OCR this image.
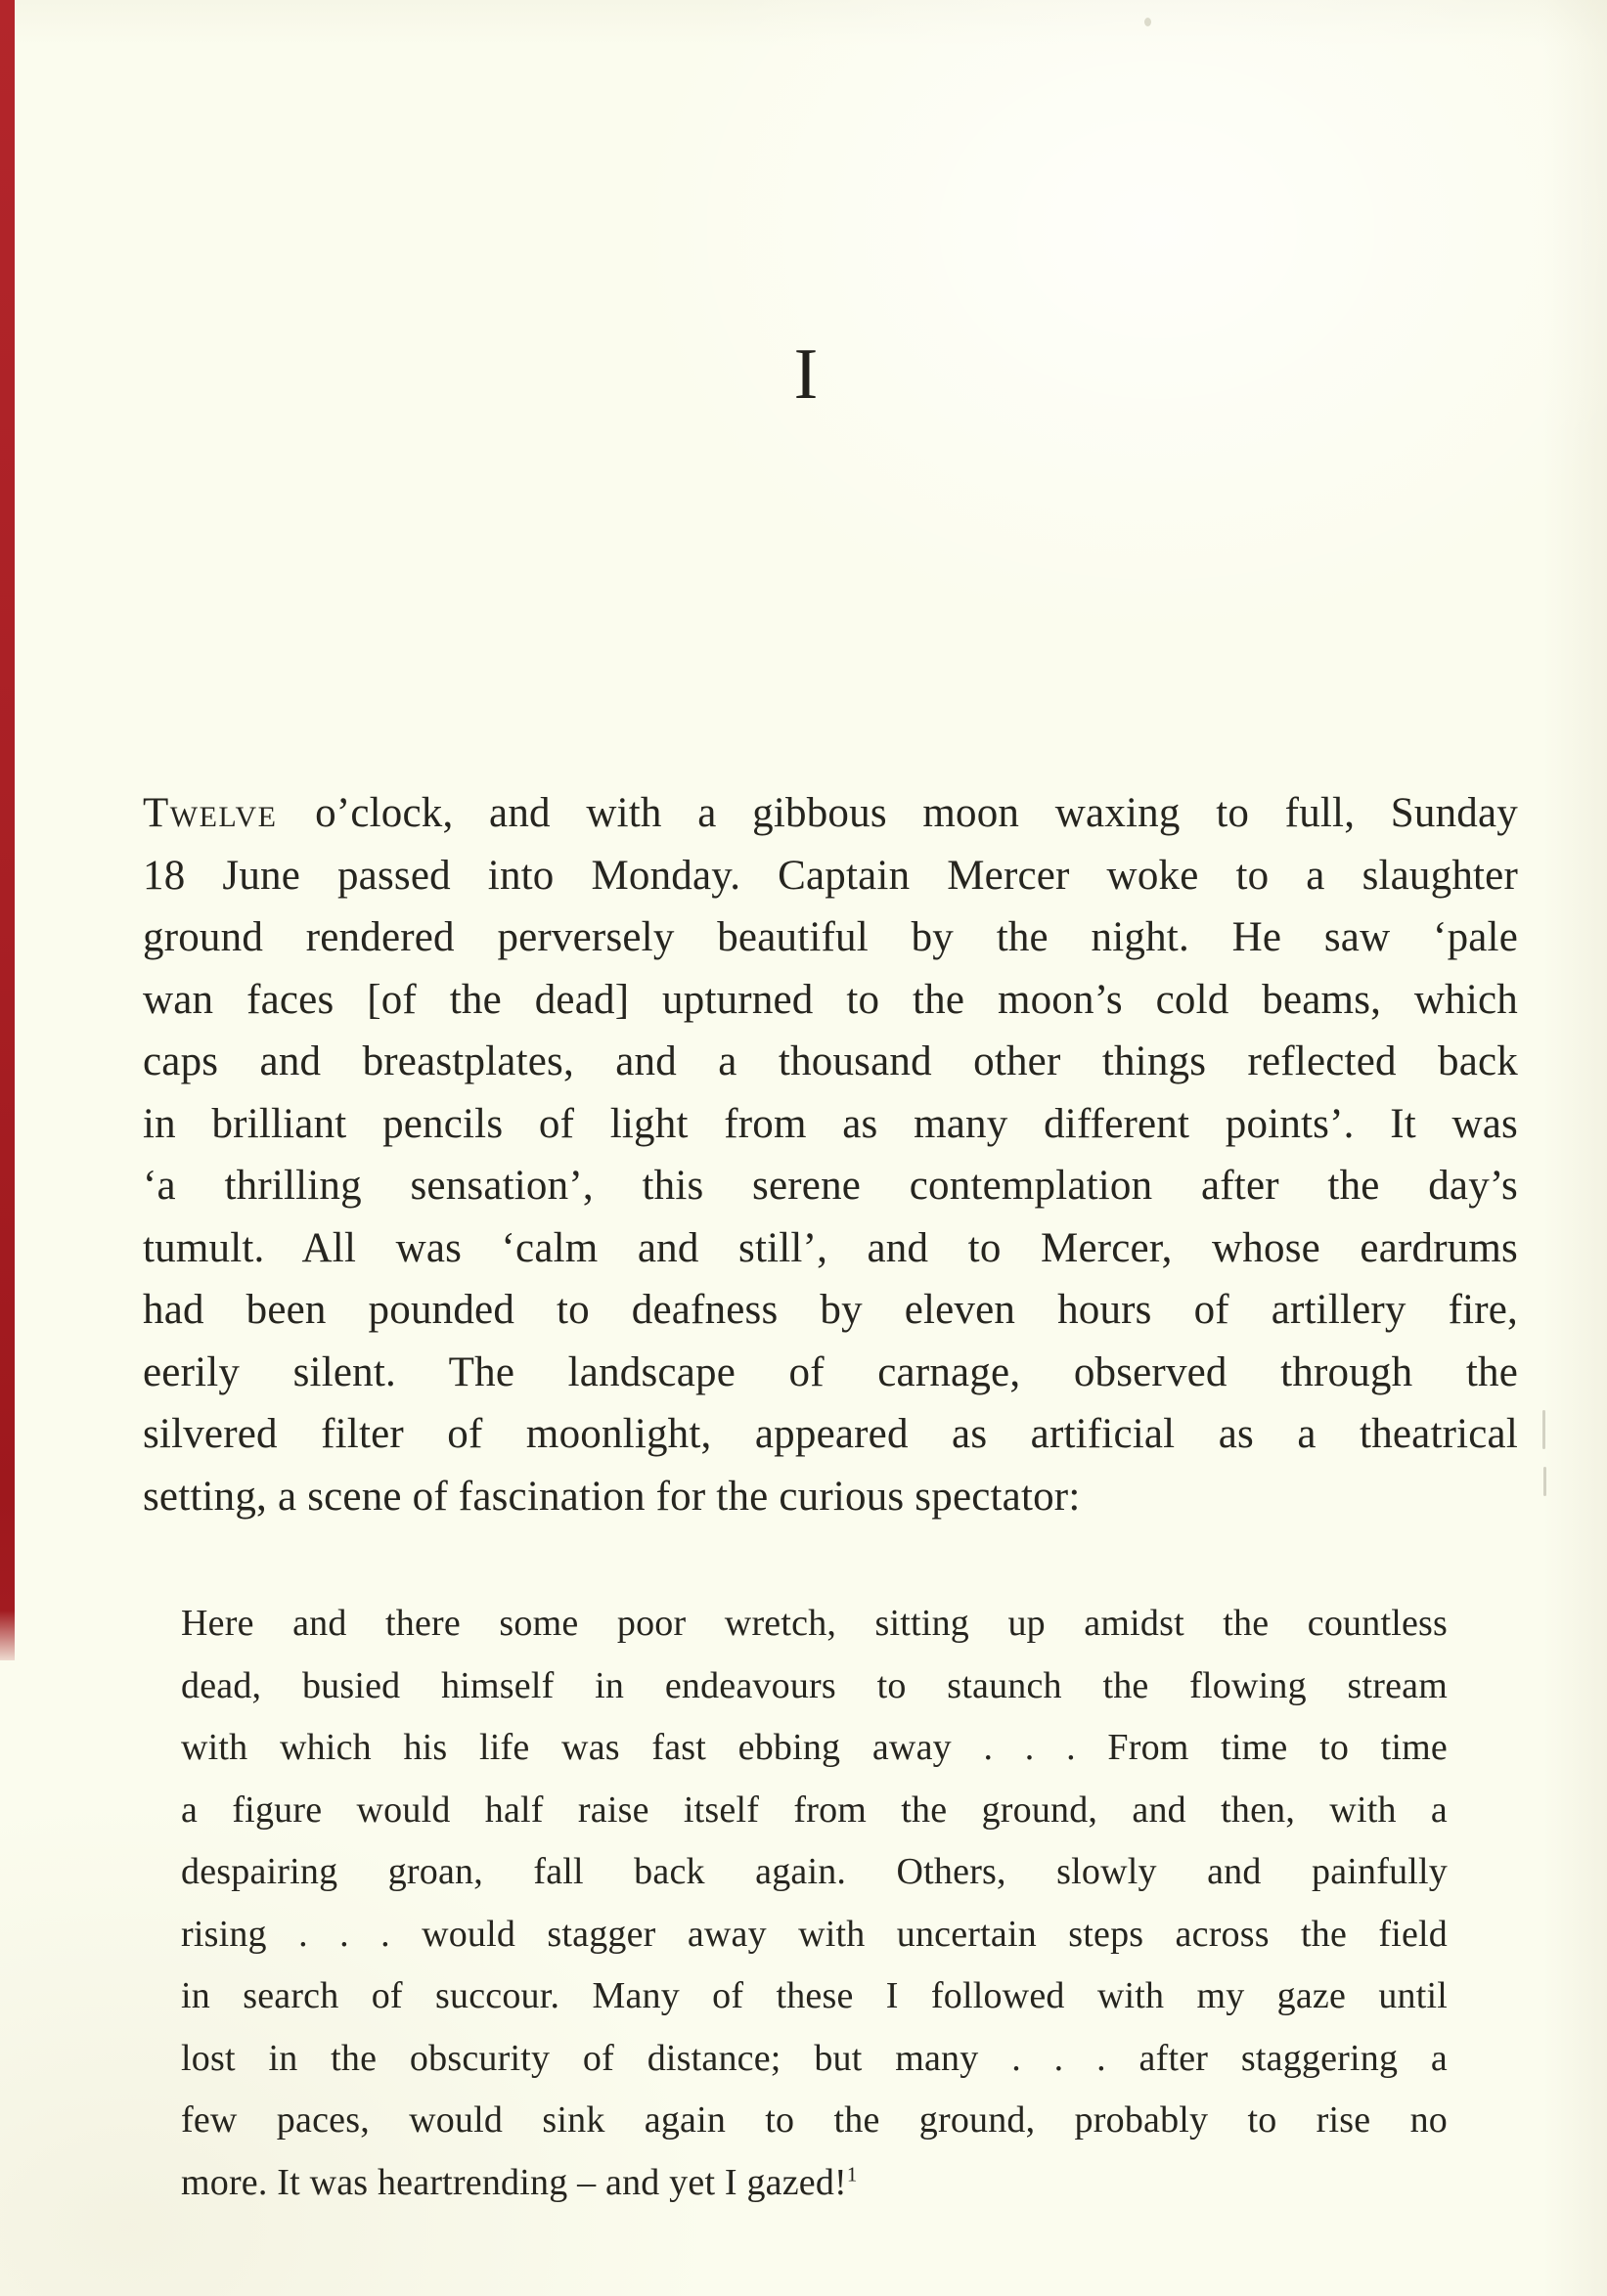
I
Twelve o’clock, and with a gibbous moon waxing to full, Sunday
18 June passed into Monday. Captain Mercer woke to a slaughter
ground rendered perversely beautiful by the night. He saw ‘pale
wan faces [of the dead] upturned to the moon’s cold beams, which
caps and breastplates, and a thousand other things reflected back
in brilliant pencils of light from as many different points’. It was
‘a thrilling sensation’, this serene contemplation after the day’s
tumult. All was ‘calm and still’, and to Mercer, whose eardrums
had been pounded to deafness by eleven hours of artillery fire,
eerily silent. The landscape of carnage, observed through the
silvered filter of moonlight, appeared as artificial as a theatrical
setting, a scene of fascination for the curious spectator:
Here and there some poor wretch, sitting up amidst the countless
dead, busied himself in endeavours to staunch the flowing stream
with which his life was fast ebbing away . . . From time to time
a figure would half raise itself from the ground, and then, with a
despairing groan, fall back again. Others, slowly and painfully
rising . . . would stagger away with uncertain steps across the field
in search of succour. Many of these I followed with my gaze until
lost in the obscurity of distance; but many . . . after staggering a
few paces, would sink again to the ground, probably to rise no
more. It was heartrending – and yet I gazed!$^1$
